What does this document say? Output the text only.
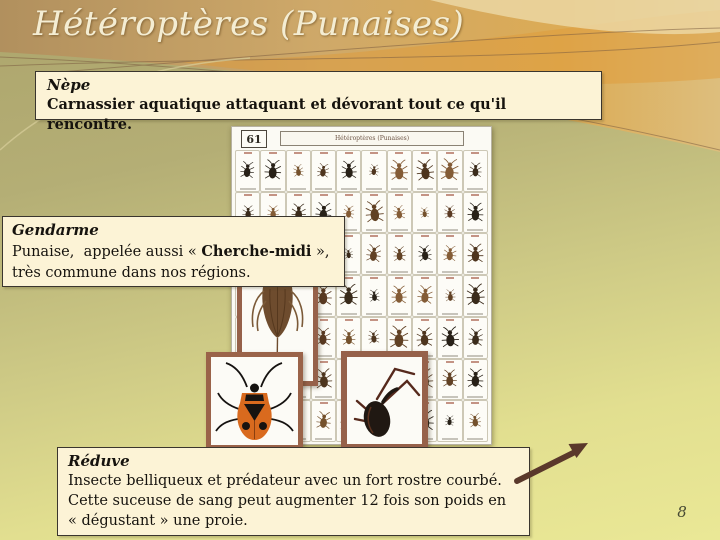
Hétéroptères (Punaises)
61	Hétéroptères (Punaises)
Nèpe
Carnassier aquatique attaquant et dévorant tout ce qu'il rencontre.
Gendarme
Punaise,  appelée aussi « Cherche-midi »,
très commune dans nos régions.
Réduve
Insecte belliqueux et prédateur avec un fort rostre courbé.
Cette suceuse de sang peut augmenter 12 fois son poids en
« dégustant » une proie.	8
